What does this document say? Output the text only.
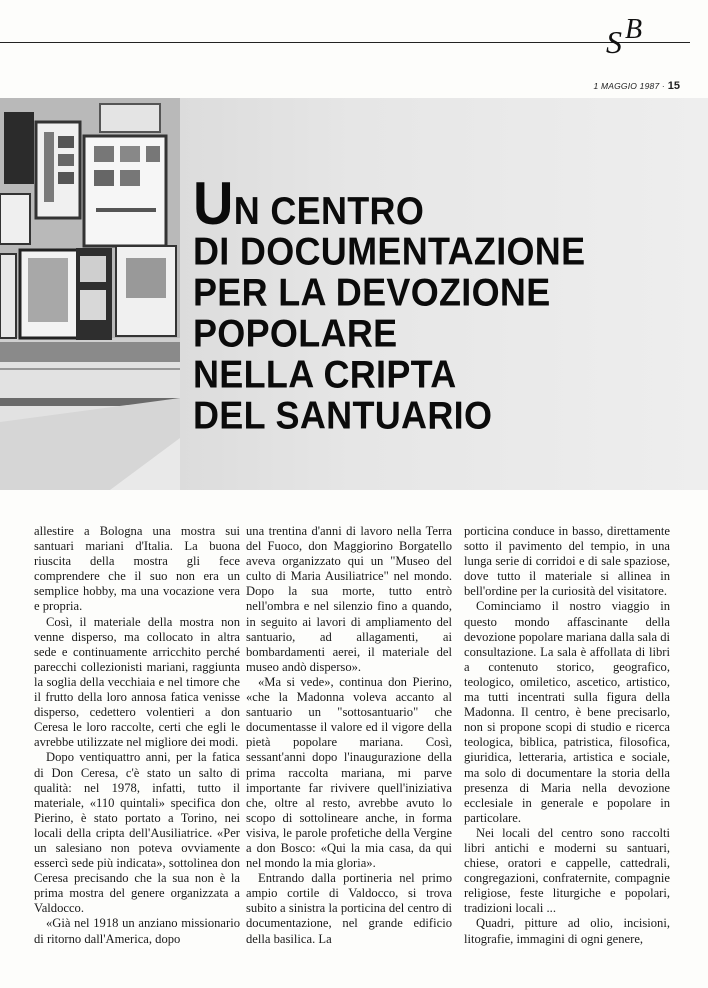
S B
1 MAGGIO 1987 · 15
UN CENTRO
DI DOCUMENTAZIONE
PER LA DEVOZIONE
POPOLARE
NELLA CRIPTA
DEL SANTUARIO

allestire a Bologna una mostra sui santuari mariani d'Italia. La buona riuscita della mostra gli fece comprendere che il suo non era un semplice hobby, ma una vocazione vera e propria.

Così, il materiale della mostra non venne disperso, ma collocato in altra sede e continuamente arricchito perché parecchi collezionisti mariani, raggiunta la soglia della vecchiaia e nel timore che il frutto della loro annosa fatica venisse disperso, cedettero volentieri a don Ceresa le loro raccolte, certi che egli le avrebbe utilizzate nel migliore dei modi.

Dopo ventiquattro anni, per la fatica di Don Ceresa, c'è stato un salto di qualità: nel 1978, infatti, tutto il materiale, «110 quintali» specifica don Pierino, è stato portato a Torino, nei locali della cripta dell'Ausiliatrice. «Per un salesiano non poteva ovviamente essercì sede più indicata», sottolinea don Ceresa precisando che la sua non è la prima mostra del genere organizzata a Valdocco.

«Già nel 1918 un anziano missionario di ritorno dall'America, dopo

una trentina d'anni di lavoro nella Terra del Fuoco, don Maggiorino Borgatello aveva organizzato qui un "Museo del culto di Maria Ausiliatrice" nel mondo. Dopo la sua morte, tutto entrò nell'ombra e nel silenzio fino a quando, in seguito ai lavori di ampliamento del santuario, ad allagamenti, ai bombardamenti aerei, il materiale del museo andò disperso».

«Ma si vede», continua don Pierino, «che la Madonna voleva accanto al santuario un "sottosantuario" che documentasse il valore ed il vigore della pietà popolare mariana. Così, sessant'anni dopo l'inaugurazione della prima raccolta mariana, mi parve importante far rivivere quell'iniziativa che, oltre al resto, avrebbe avuto lo scopo di sottolineare anche, in forma visiva, le parole profetiche della Vergine a don Bosco: «Qui la mia casa, da qui nel mondo la mia gloria».

Entrando dalla portineria nel primo ampio cortile di Valdocco, si trova subito a sinistra la porticina del centro di documentazione, nel grande edificio della basilica. La

porticina conduce in basso, direttamente sotto il pavimento del tempio, in una lunga serie di corridoi e di sale spaziose, dove tutto il materiale si allinea in bell'ordine per la curiosità del visitatore.

Cominciamo il nostro viaggio in questo mondo affascinante della devozione popolare mariana dalla sala di consultazione. La sala è affollata di libri a contenuto storico, geografico, teologico, omiletico, ascetico, artistico, ma tutti incentrati sulla figura della Madonna. Il centro, è bene precisarlo, non si propone scopi di studio e ricerca teologica, biblica, patristica, filosofica, giuridica, letteraria, artistica e sociale, ma solo di documentare la storia della presenza di Maria nella devozione ecclesiale in generale e popolare in particolare.

Nei locali del centro sono raccolti libri antichi e moderni su santuari, chiese, oratori e cappelle, cattedrali, congregazioni, confraternite, compagnie religiose, feste liturgiche e popolari, tradizioni locali ...

Quadri, pitture ad olio, incisioni, litografie, immagini di ogni genere,
